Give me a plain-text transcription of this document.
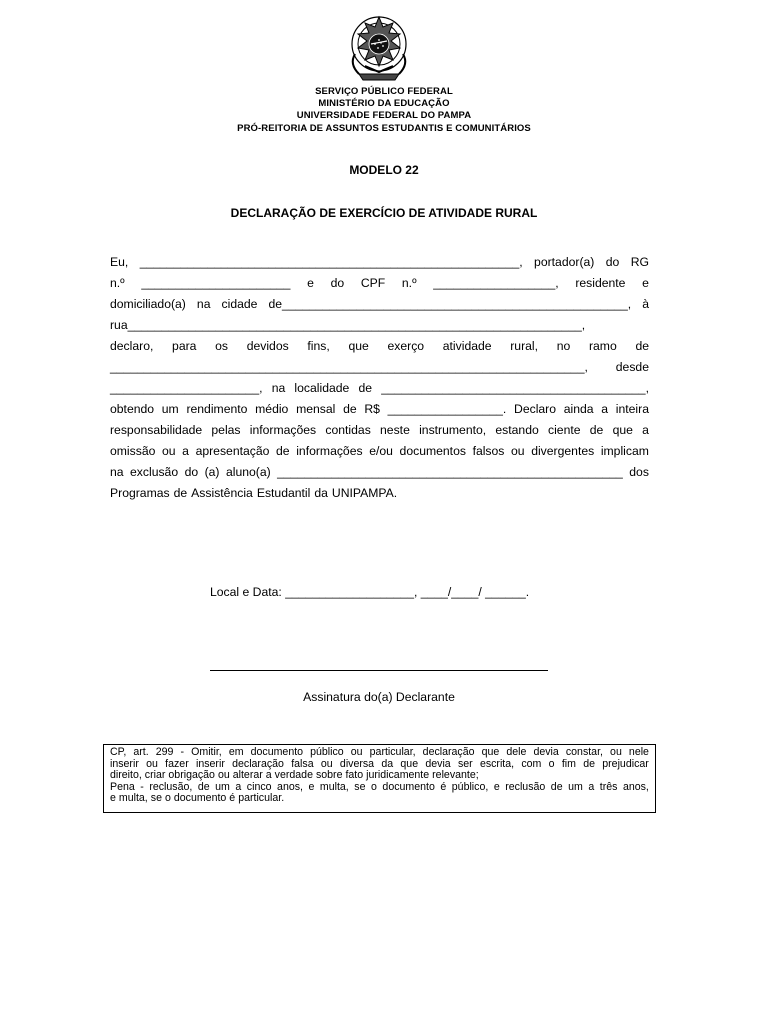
SERVIÇO PÚBLICO FEDERAL
MINISTÉRIO DA EDUCAÇÃO
UNIVERSIDADE FEDERAL DO PAMPA
PRÓ-REITORIA DE ASSUNTOS ESTUDANTIS E COMUNITÁRIOS
MODELO 22
DECLARAÇÃO DE EXERCÍCIO DE ATIVIDADE RURAL
Eu, ________________________________________________________, portador(a) do RG
n.º ______________________ e do CPF n.º __________________, residente e
domiciliado(a) na cidade de___________________________________________________, à
rua___________________________________________________________________,
declaro, para os devidos fins, que exerço atividade rural, no ramo de
______________________________________________________________________, desde
______________________, na localidade de _______________________________________,
obtendo um rendimento médio mensal de R$ _________________. Declaro ainda a inteira
responsabilidade pelas informações contidas neste instrumento, estando ciente de que a
omissão ou a apresentação de informações e/ou documentos falsos ou divergentes implicam
na exclusão do (a) aluno(a) ___________________________________________________ dos
Programas de Assistência Estudantil da UNIPAMPA.
Local e Data: ___________________, ____/____/ ______.
Assinatura do(a) Declarante
CP, art. 299 - Omitir, em documento público ou particular, declaração que dele devia constar, ou nele
inserir ou fazer inserir declaração falsa ou diversa da que devia ser escrita, com o fim de prejudicar
direito, criar obrigação ou alterar a verdade sobre fato juridicamente relevante;
Pena - reclusão, de um a cinco anos, e multa, se o documento é público, e reclusão de um a três anos,
e multa, se o documento é particular.
